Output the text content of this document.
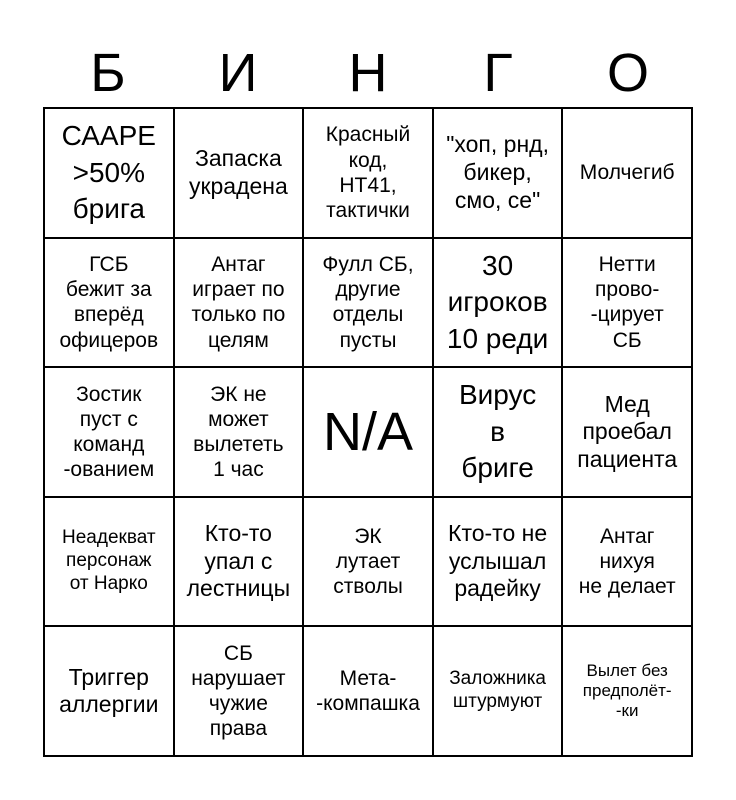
Б	И	Н	Г	О
СААРЕ
>50%
брига
Запаска
украдена
Красный
код,
НТ41,
тактички
"хоп, рнд,
бикер,
смо, се"
Молчегиб
ГСБ
бежит за
вперёд
офицеров
Антаг
играет по
только по
целям
Фулл СБ,
другие
отделы
пусты
30
игроков
10 реди
Нетти
прово-
-цирует
СБ
Зостик
пуст с
команд
-ованием
ЭК не
может
вылететь
1 час
N/A
Вирус
в
бриге
Мед
проебал
пациента
Неадекват
персонаж
от Нарко
Кто-то
упал с
лестницы
ЭК
лутает
стволы
Кто-то не
услышал
радейку
Антаг
нихуя
не делает
Триггер
аллергии
СБ
нарушает
чужие
права
Мета-
-компашка
Заложника
штурмуют
Вылет без
предполёт-
-ки
